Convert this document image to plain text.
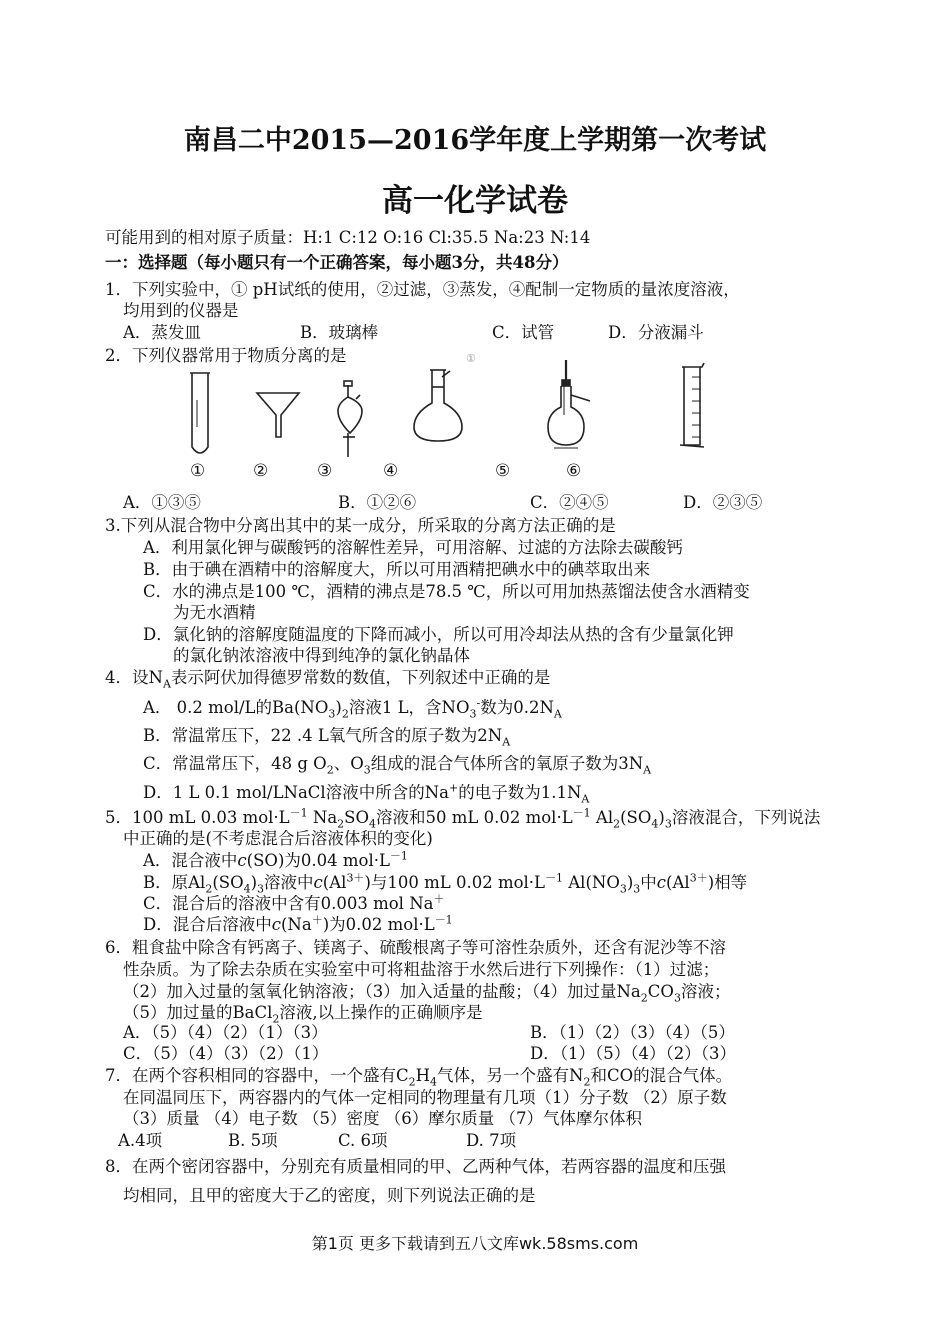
南昌二中2015—2016学年度上学期第一次考试
高一化学试卷
可能用到的相对原子质量：H:1 C:12 O:16 Cl:35.5 Na:23 N:14
一：选择题（每小题只有一个正确答案，每小题3分，共48分）
1．下列实验中，① pH试纸的使用，②过滤，③蒸发，④配制一定物质的量浓度溶液，
均用到的仪器是
A．蒸发皿	B．玻璃棒	C．试管	D．分液漏斗
2．下列仪器常用于物质分离的是	①
①	②	③	④	⑤	⑥
A．①③⑤	B．①②⑥	C．②④⑤	D．②③⑤
3.下列从混合物中分离出其中的某一成分，所采取的分离方法正确的是
A．利用氯化钾与碳酸钙的溶解性差异，可用溶解、过滤的方法除去碳酸钙
B．由于碘在酒精中的溶解度大，所以可用酒精把碘水中的碘萃取出来
C．水的沸点是100 ℃，酒精的沸点是78.5 ℃，所以可用加热蒸馏法使含水酒精变
为无水酒精
D．氯化钠的溶解度随温度的下降而减小，所以可用冷却法从热的含有少量氯化钾
的氯化钠浓溶液中得到纯净的氯化钠晶体
4．设$N_A$表示阿伏加得德罗常数的数值，下列叙述中正确的是
A． 0.2 mol/L的$Ba(NO_3)_2$溶液1 L，含$NO_3^-$数为$0.2N_A$
B．常温常压下，22 .4 L氧气所含的原子数为$2N_A$
C．常温常压下，48 g $O_2$、$O_3$组成的混合气体所含的氧原子数为$3N_A$
D．1 L 0.1 mol/LNaCl溶液中所含的Na+的电子数为$1.1N_A$
5．100 mL 0.03 $mol\cdot L^{-1}$ $Na_2SO_4$溶液和50 mL 0.02 $mol\cdot L^{-1}$ $Al_2(SO_4)_3$溶液混合，下列说法
中正确的是(不考虑混合后溶液体积的变化)
A．混合液中c(SO)为0.04 $mol\cdot L^{-1}$
B．原$Al_2(SO_4)_3$溶液中$c(Al^{3+})$与100 mL 0.02 $mol\cdot L^{-1}$ $Al(NO_3)_3$中$c(Al^{3+})$相等
C．混合后的溶液中含有0.003 mol Na＋
D．混合后溶液中c(Na＋)为0.02 $mol\cdot L^{-1}$
6．粗食盐中除含有钙离子、镁离子、硫酸根离子等可溶性杂质外，还含有泥沙等不溶
性杂质。为了除去杂质在实验室中可将粗盐溶于水然后进行下列操作：（1）过滤；
（2）加入过量的氢氧化钠溶液；（3）加入适量的盐酸；（4）加过量$Na_2CO_3$溶液；
（5）加过量的BaCl$_2$溶液,以上操作的正确顺序是
A．（5）（4）（2）（1）（3）	B．（1）（2）（3）（4）（5）
C．（5）（4）（3）（2）（1）	D．（1）（5）（4）（2）（3）
7．在两个容积相同的容器中，一个盛有$C_2H_4$气体，另一个盛有$N_2$和CO的混合气体。
在同温同压下，两容器内的气体一定相同的物理量有几项（1）分子数 （2）原子数
（3）质量 （4）电子数 （5）密度 （6）摩尔质量 （7）气体摩尔体积
A.4项	B. 5项	C. 6项	D. 7项
8．在两个密闭容器中，分别充有质量相同的甲、乙两种气体，若两容器的温度和压强
均相同，且甲的密度大于乙的密度，则下列说法正确的是
第1页 更多下载请到五八文库wk.58sms.com
